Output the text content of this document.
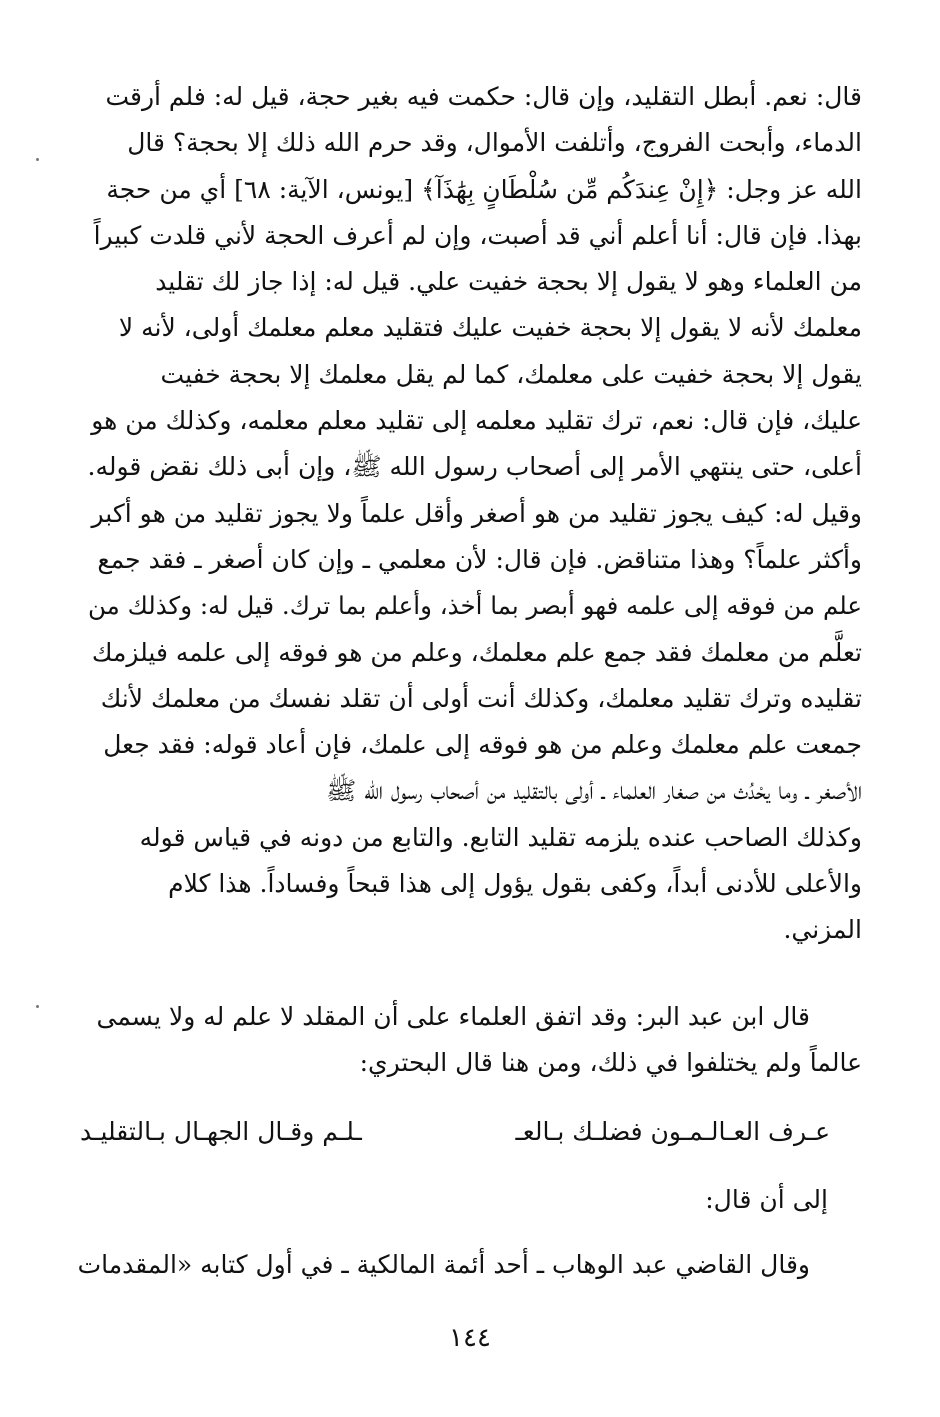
قال: نعم. أبطل التقليد، وإن قال: حكمت فيه بغير حجة، قيل له: فلم أرقت
الدماء، وأبحت الفروج، وأتلفت الأموال، وقد حرم الله ذلك إلا بحجة؟ قال
الله عز وجل: ﴿إِنْ عِندَكُم مِّن سُلْطَانٍ بِهَٰذَآ﴾ [يونس، الآية: ٦٨] أي من حجة
بهذا. فإن قال: أنا أعلم أني قد أصبت، وإن لم أعرف الحجة لأني قلدت كبيراً
من العلماء وهو لا يقول إلا بحجة خفيت علي. قيل له: إذا جاز لك تقليد
معلمك لأنه لا يقول إلا بحجة خفيت عليك فتقليد معلم معلمك أولى، لأنه لا
يقول إلا بحجة خفيت على معلمك، كما لم يقل معلمك إلا بحجة خفيت
عليك، فإن قال: نعم، ترك تقليد معلمه إلى تقليد معلم معلمه، وكذلك من هو
أعلى، حتى ينتهي الأمر إلى أصحاب رسول الله ﷺ، وإن أبى ذلك نقض قوله.
وقيل له: كيف يجوز تقليد من هو أصغر وأقل علماً ولا يجوز تقليد من هو أكبر
وأكثر علماً؟ وهذا متناقض. فإن قال: لأن معلمي ـ وإن كان أصغر ـ فقد جمع
علم من فوقه إلى علمه فهو أبصر بما أخذ، وأعلم بما ترك. قيل له: وكذلك من
تعلَّم من معلمك فقد جمع علم معلمك، وعلم من هو فوقه إلى علمه فيلزمك
تقليده وترك تقليد معلمك، وكذلك أنت أولى أن تقلد نفسك من معلمك لأنك
جمعت علم معلمك وعلم من هو فوقه إلى علمك، فإن أعاد قوله: فقد جعل
الأصغر ـ وما يحْدُث من صغار العلماء ـ أولى بالتقليد من أصحاب رسول الله ﷺ
وكذلك الصاحب عنده يلزمه تقليد التابع. والتابع من دونه في قياس قوله
والأعلى للأدنى أبداً، وكفى بقول يؤول إلى هذا قبحاً وفساداً. هذا كلام
المزني.
قال ابن عبد البر: وقد اتفق العلماء على أن المقلد لا علم له ولا يسمى
عالماً ولم يختلفوا في ذلك، ومن هنا قال البحتري:
عـرف العـالـمـون فضلـك بـالعـ
ـلـم وقـال الجهـال بـالتقليـد
إلى أن قال:
وقال القاضي عبد الوهاب ـ أحد أئمة المالكية ـ في أول كتابه «المقدمات
١٤٤
